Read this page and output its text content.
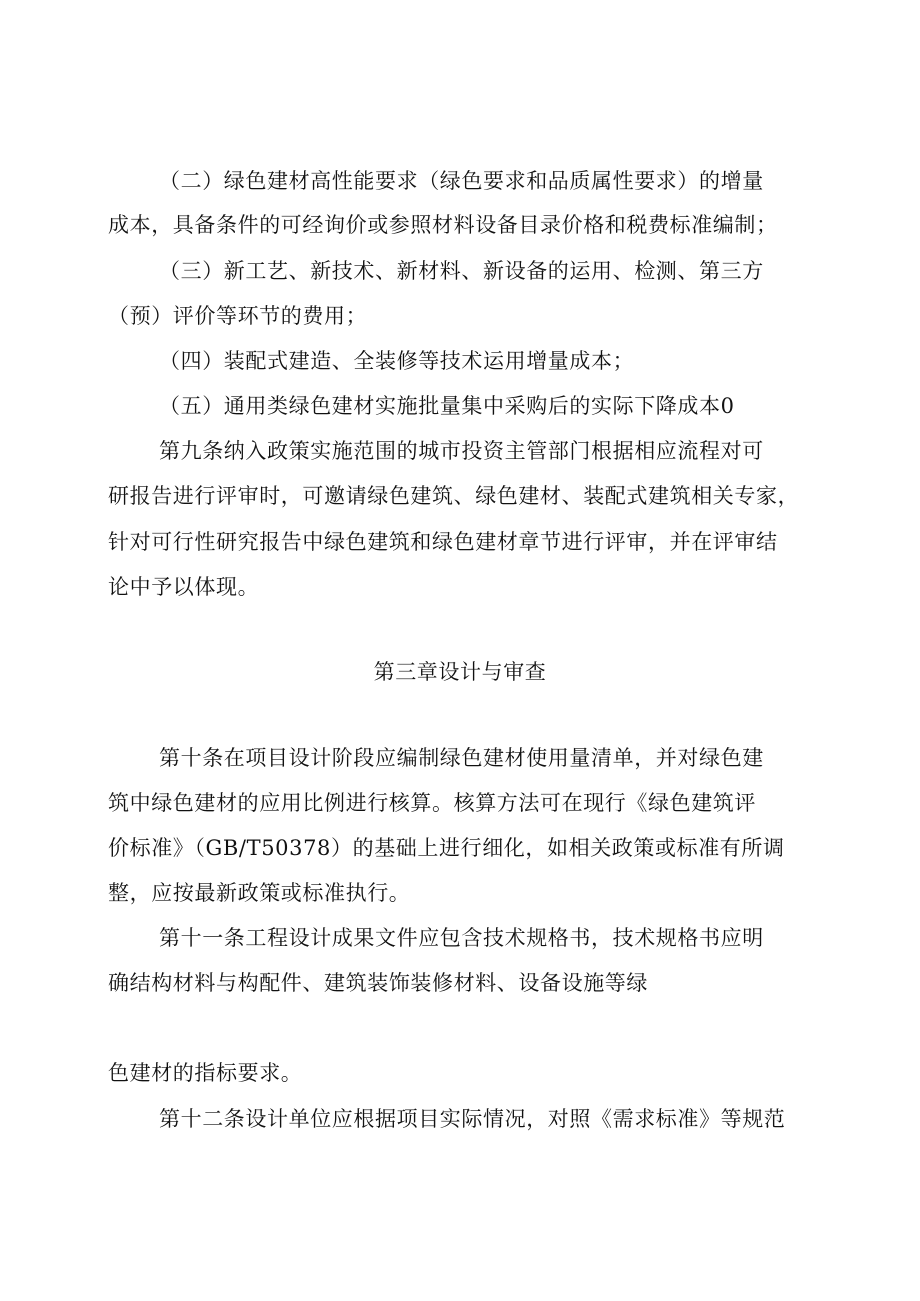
（二）绿色建材高性能要求（绿色要求和品质属性要求）的增量
成本，具备条件的可经询价或参照材料设备目录价格和税费标准编制；
（三）新工艺、新技术、新材料、新设备的运用、检测、第三方
（预）评价等环节的费用；
（四）装配式建造、全装修等技术运用增量成本；
（五）通用类绿色建材实施批量集中采购后的实际下降成本0
第九条纳入政策实施范围的城市投资主管部门根据相应流程对可
研报告进行评审时，可邀请绿色建筑、绿色建材、装配式建筑相关专家，
针对可行性研究报告中绿色建筑和绿色建材章节进行评审，并在评审结
论中予以体现。
第三章设计与审查
第十条在项目设计阶段应编制绿色建材使用量清单，并对绿色建
筑中绿色建材的应用比例进行核算。核算方法可在现行《绿色建筑评
价标准》（GB/T50378）的基础上进行细化，如相关政策或标准有所调
整，应按最新政策或标准执行。
第十一条工程设计成果文件应包含技术规格书，技术规格书应明
确结构材料与构配件、建筑装饰装修材料、设备设施等绿
色建材的指标要求。
第十二条设计单位应根据项目实际情况，对照《需求标准》等规范
